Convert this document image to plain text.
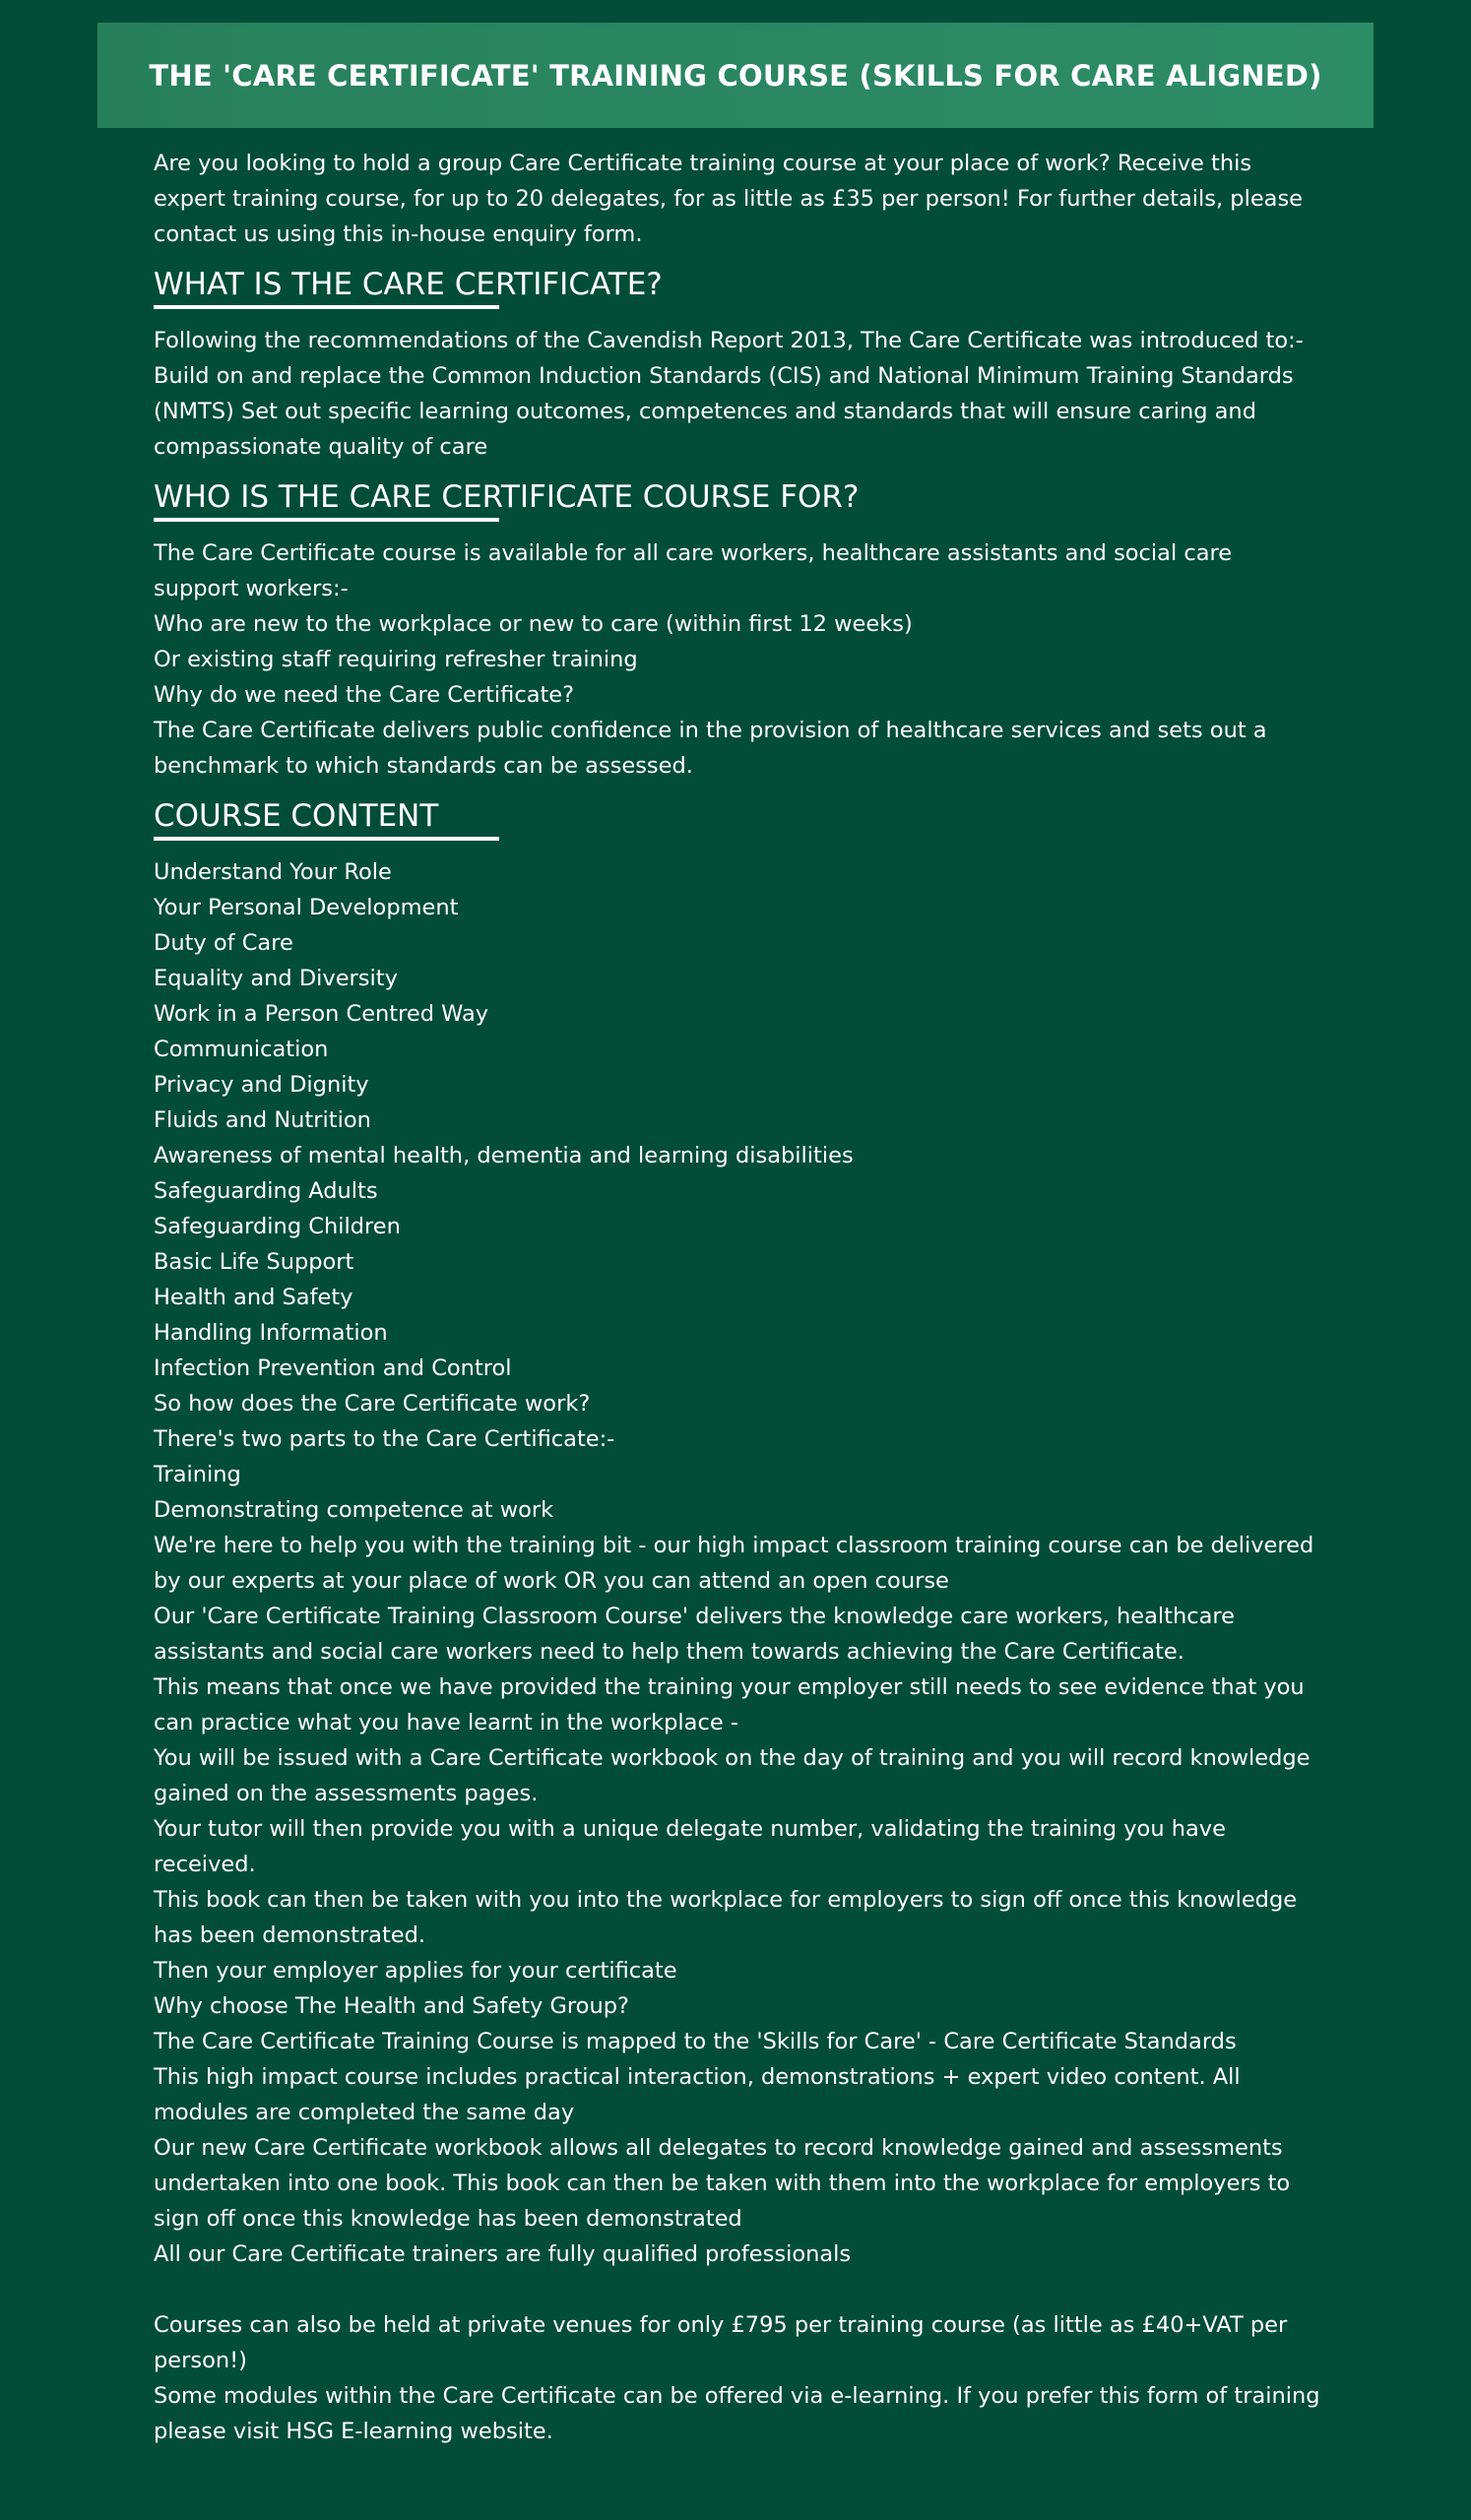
THE 'CARE CERTIFICATE' TRAINING COURSE (SKILLS FOR CARE ALIGNED)

Are you looking to hold a group Care Certificate training course at your place of work? Receive this expert training course, for up to 20 delegates, for as little as £35 per person! For further details, please contact us using this in-house enquiry form.

WHAT IS THE CARE CERTIFICATE?

Following the recommendations of the Cavendish Report 2013, The Care Certificate was introduced to:- Build on and replace the Common Induction Standards (CIS) and National Minimum Training Standards (NMTS) Set out specific learning outcomes, competences and standards that will ensure caring and compassionate quality of care

WHO IS THE CARE CERTIFICATE COURSE FOR?
The Care Certificate course is available for all care workers, healthcare assistants and social care support workers:-
Who are new to the workplace or new to care (within first 12 weeks)
Or existing staff requiring refresher training
Why do we need the Care Certificate?
The Care Certificate delivers public confidence in the provision of healthcare services and sets out a benchmark to which standards can be assessed.
COURSE CONTENT
Understand Your Role
Your Personal Development
Duty of Care
Equality and Diversity
Work in a Person Centred Way
Communication
Privacy and Dignity
Fluids and Nutrition
Awareness of mental health, dementia and learning disabilities
Safeguarding Adults
Safeguarding Children
Basic Life Support
Health and Safety
Handling Information
Infection Prevention and Control
So how does the Care Certificate work?
There's two parts to the Care Certificate:-
Training
Demonstrating competence at work
We're here to help you with the training bit - our high impact classroom training course can be delivered by our experts at your place of work OR you can attend an open course
Our 'Care Certificate Training Classroom Course' delivers the knowledge care workers, healthcare assistants and social care workers need to help them towards achieving the Care Certificate.
This means that once we have provided the training your employer still needs to see evidence that you can practice what you have learnt in the workplace -
You will be issued with a Care Certificate workbook on the day of training and you will record knowledge gained on the assessments pages.
Your tutor will then provide you with a unique delegate number, validating the training you have received.
This book can then be taken with you into the workplace for employers to sign off once this knowledge has been demonstrated.
Then your employer applies for your certificate
Why choose The Health and Safety Group?
The Care Certificate Training Course is mapped to the 'Skills for Care' - Care Certificate Standards
This high impact course includes practical interaction, demonstrations + expert video content. All modules are completed the same day
Our new Care Certificate workbook allows all delegates to record knowledge gained and assessments undertaken into one book. This book can then be taken with them into the workplace for employers to sign off once this knowledge has been demonstrated
All our Care Certificate trainers are fully qualified professionals
Courses can also be held at private venues for only £795 per training course (as little as £40+VAT per person!)
Some modules within the Care Certificate can be offered via e-learning. If you prefer this form of training please visit HSG E-learning website.
